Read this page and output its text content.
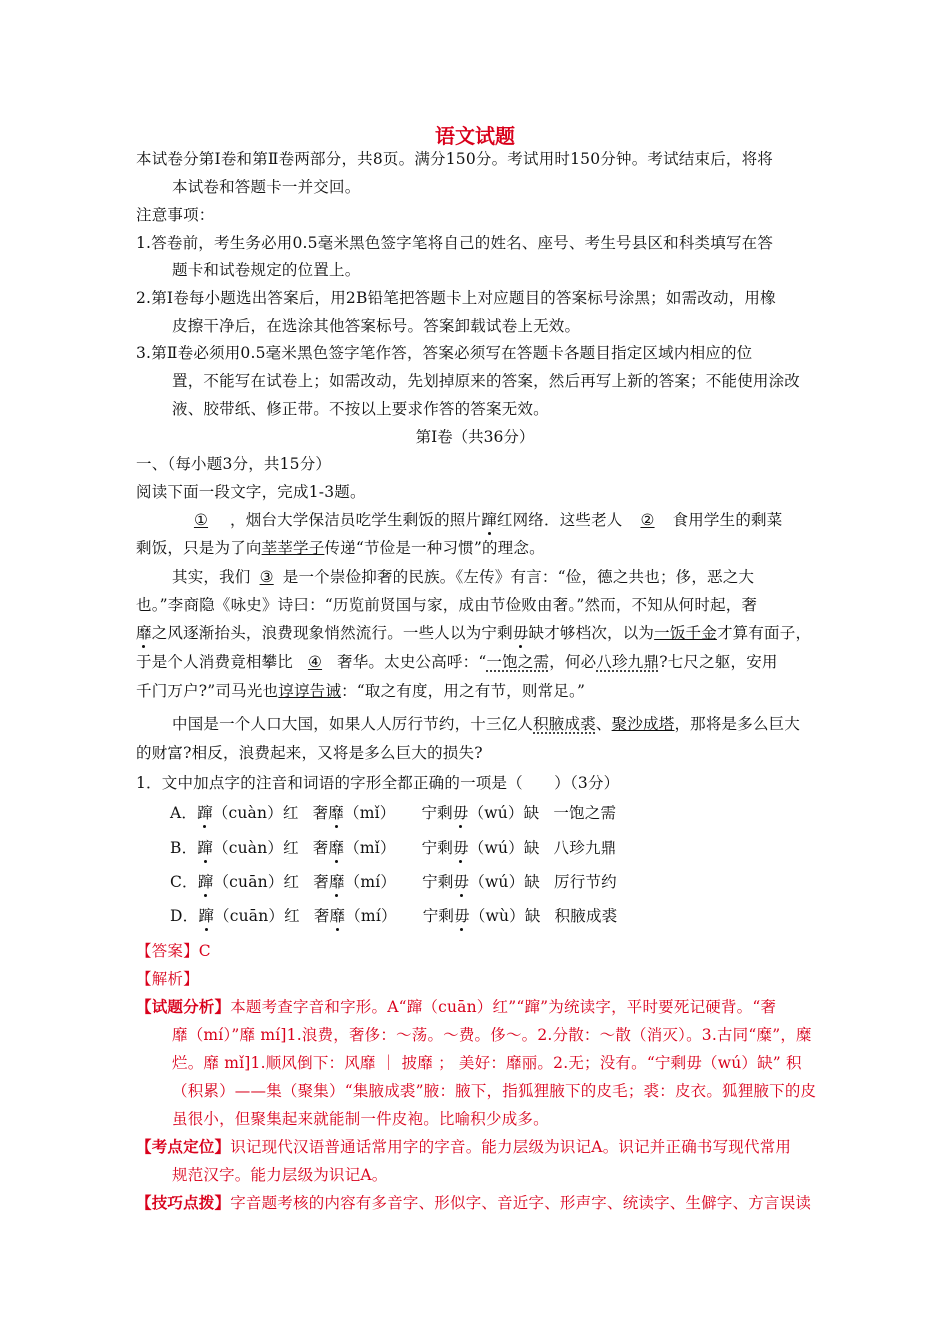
语文试题
本试卷分第Ⅰ卷和第Ⅱ卷两部分，共8页。满分150分。考试用时150分钟。考试结束后，将将
本试卷和答题卡一并交回。
注意事项：
1.答卷前，考生务必用0.5毫米黑色签字笔将自己的姓名、座号、考生号县区和科类填写在答
题卡和试卷规定的位置上。
2.第Ⅰ卷每小题选出答案后，用2B铅笔把答题卡上对应题目的答案标号涂黑；如需改动，用橡
皮擦干净后，在选涂其他答案标号。答案卸载试卷上无效。
3.第Ⅱ卷必须用0.5毫米黑色签字笔作答，答案必须写在答题卡各题目指定区域内相应的位
置，不能写在试卷上；如需改动，先划掉原来的答案，然后再写上新的答案；不能使用涂改
液、胶带纸、修正带。不按以上要求作答的答案无效。
第Ⅰ卷（共36分）
一、（每小题3分，共15分）
阅读下面一段文字，完成1-3题。
① ，烟台大学保洁员吃学生剩饭的照片蹿红网络．这些老人 ② 食用学生的剩菜
剩饭，只是为了向莘莘学子传递“节俭是一种习惯”的理念。
其实，我们 ③ 是一个崇俭抑奢的民族。《左传》有言：“俭，德之共也；侈，恶之大
也。”李商隐《咏史》诗曰：“历览前贤国与家，成由节俭败由奢。”然而，不知从何时起，奢
靡之风逐渐抬头，浪费现象悄然流行。一些人以为宁剩毋缺才够档次，以为一饭千金才算有面子，
于是个人消费竟相攀比 ④ 奢华。太史公高呼：“一饱之需，何必八珍九鼎?七尺之躯，安用
千门万户?”司马光也谆谆告诫：“取之有度，用之有节，则常足。”
中国是一个人口大国，如果人人厉行节约，十三亿人积腋成裘、聚沙成塔，那将是多么巨大
的财富?相反，浪费起来，又将是多么巨大的损失?
1．文中加点字的注音和词语的字形全都正确的一项是（　　）（3分）
A．蹿（cuàn）红 奢靡（mǐ） 宁剩毋（wú）缺 一饱之需
B．蹿（cuàn）红 奢靡（mǐ） 宁剩毋（wú）缺 八珍九鼎
C．蹿（cuān）红 奢靡（mí） 宁剩毋（wú）缺 厉行节约
D．蹿（cuān）红 奢靡（mí） 宁剩毋（wù）缺 积腋成裘
【答案】C
【解析】
【试题分析】本题考查字音和字形。A“蹿（cuān）红”“蹿”为统读字，平时要死记硬背。“奢
靡（mí）”靡 mí]1.浪费，奢侈：～荡。～费。侈～。2.分散：～散（消灭）。3.古同“糜”，糜
烂。靡 mǐ]1.顺风倒下：风靡 ｜ 披靡 ； 美好：靡丽。2.无；没有。“宁剩毋（wú）缺” 积
（积累）——集（聚集）“集腋成裘”腋：腋下，指狐狸腋下的皮毛；裘：皮衣。狐狸腋下的皮
虽很小，但聚集起来就能制一件皮袍。比喻积少成多。
【考点定位】识记现代汉语普通话常用字的字音。能力层级为识记A。识记并正确书写现代常用
规范汉字。能力层级为识记A。
【技巧点拨】字音题考核的内容有多音字、形似字、音近字、形声字、统读字、生僻字、方言误读
